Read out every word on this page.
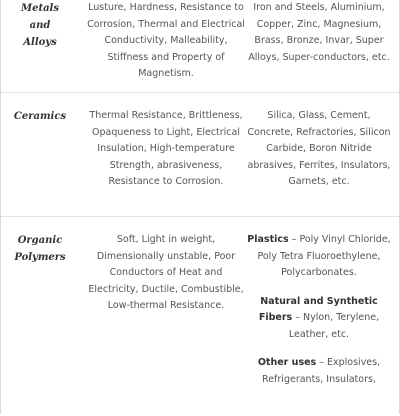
Metals
and
Alloys
Lusture, Hardness, Resistance to Corrosion, Thermal and Electrical Conductivity, Malleability, Stiffness and Property of Magnetism.
Iron and Steels, Aluminium, Copper, Zinc, Magnesium, Brass, Bronze, Invar, Super Alloys, Super-conductors, etc.
Ceramics	Thermal Resistance, Brittleness, Opaqueness to Light, Electrical Insulation, High-temperature Strength, abrasiveness, Resistance to Corrosion.
Silica, Glass, Cement, Concrete, Refractories, Silicon Carbide, Boron Nitride abrasives, Ferrites, Insulators, Garnets, etc.
Organic
Polymers
Soft, Light in weight, Dimensionally unstable, Poor Conductors of Heat and Electricity, Ductile, Combustible, Low-thermal Resistance.

Plastics – Poly Vinyl Chloride, Poly Tetra Fluoroethylene, Polycarbonates.

Natural and Synthetic Fibers – Nylon, Terylene, Leather, etc.

Other uses – Explosives, Refrigerants, Insulators,
